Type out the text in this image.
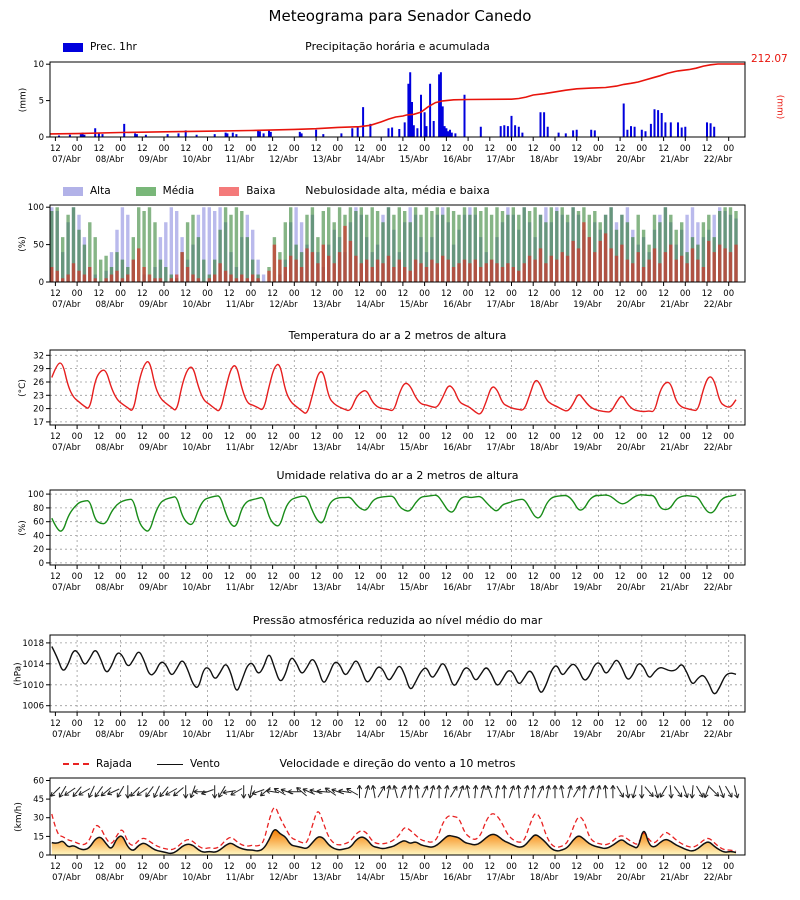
0
5
10
12 00 12 00 12 00 12 00 12 00 12 00 12 00 12 00 12 00 12 00 12 00 12 00 12 00 12 00 12 00 12 00
07/Abr 08/Abr 09/Abr 10/Abr 11/Abr 12/Abr 13/Abr 14/Abr 15/Abr 16/Abr 17/Abr 18/Abr 19/Abr 20/Abr 21/Abr 22/Abr
0
50
100
12 00 12 00 12 00 12 00 12 00 12 00 12 00 12 00 12 00 12 00 12 00 12 00 12 00 12 00 12 00 12 00
07/Abr 08/Abr 09/Abr 10/Abr 11/Abr 12/Abr 13/Abr 14/Abr 15/Abr 16/Abr 17/Abr 18/Abr 19/Abr 20/Abr 21/Abr 22/Abr
17
20
23
26
29
32
12 00 12 00 12 00 12 00 12 00 12 00 12 00 12 00 12 00 12 00 12 00 12 00 12 00 12 00 12 00 12 00
07/Abr 08/Abr 09/Abr 10/Abr 11/Abr 12/Abr 13/Abr 14/Abr 15/Abr 16/Abr 17/Abr 18/Abr 19/Abr 20/Abr 21/Abr 22/Abr
0
20
40
60
80
100
12 00 12 00 12 00 12 00 12 00 12 00 12 00 12 00 12 00 12 00 12 00 12 00 12 00 12 00 12 00 12 00
07/Abr 08/Abr 09/Abr 10/Abr 11/Abr 12/Abr 13/Abr 14/Abr 15/Abr 16/Abr 17/Abr 18/Abr 19/Abr 20/Abr 21/Abr 22/Abr
1006
1010
1014
1018
12 00 12 00 12 00 12 00 12 00 12 00 12 00 12 00 12 00 12 00 12 00 12 00 12 00 12 00 12 00 12 00
07/Abr 08/Abr 09/Abr 10/Abr 11/Abr 12/Abr 13/Abr 14/Abr 15/Abr 16/Abr 17/Abr 18/Abr 19/Abr 20/Abr 21/Abr 22/Abr
0
15
30
45
60
12 00 12 00 12 00 12 00 12 00 12 00 12 00 12 00 12 00 12 00 12 00 12 00 12 00 12 00 12 00 12 00
07/Abr 08/Abr 09/Abr 10/Abr 11/Abr 12/Abr 13/Abr 14/Abr 15/Abr 16/Abr 17/Abr 18/Abr 19/Abr 20/Abr 21/Abr 22/Abr
Meteograma para Senador Canedo
Precipitação horária e acumulada
Nebulosidade alta, média e baixa
Temperatura do ar a 2 metros de altura
Umidade relativa do ar a 2 metros de altura
Pressão atmosférica reduzida ao nível médio do mar
Velocidade e direção do vento a 10 metros
(mm)
(%)
(°C)
(%)
(hPa)
(km/h)
(mm)
212.07
Prec. 1hr
Alta	Média	Baixa
Rajada	Vento
